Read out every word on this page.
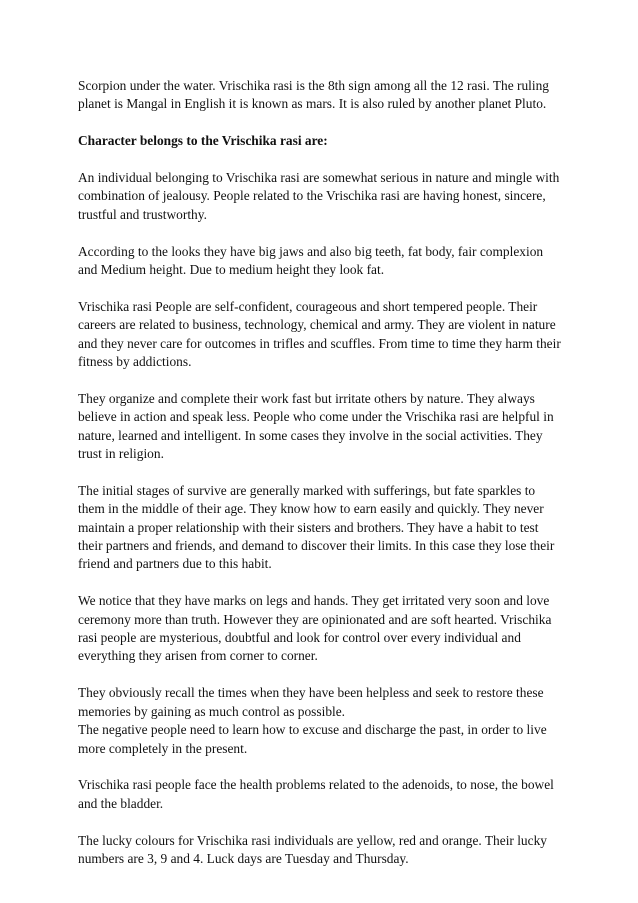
Scorpion under the water. Vrischika rasi is the 8th sign among all the 12 rasi. The ruling planet is Mangal in English it is known as mars. It is also ruled by another planet Pluto.

Character belongs to the Vrischika rasi are:

An individual belonging to Vrischika rasi are somewhat serious in nature and mingle with combination of jealousy. People related to the Vrischika rasi are having honest, sincere, trustful and trustworthy.

According to the looks they have big jaws and also big teeth, fat body, fair complexion and Medium height. Due to medium height they look fat.

Vrischika rasi People are self-confident, courageous and short tempered people. Their careers are related to business, technology, chemical and army. They are violent in nature and they never care for outcomes in trifles and scuffles. From time to time they harm their fitness by addictions.

They organize and complete their work fast but irritate others by nature. They always believe in action and speak less. People who come under the Vrischika rasi are helpful in nature, learned and intelligent. In some cases they involve in the social activities. They trust in religion.

The initial stages of survive are generally marked with sufferings, but fate sparkles to them in the middle of their age. They know how to earn easily and quickly. They never maintain a proper relationship with their sisters and brothers. They have a habit to test their partners and friends, and demand to discover their limits. In this case they lose their friend and partners due to this habit.

We notice that they have marks on legs and hands. They get irritated very soon and love ceremony more than truth. However they are opinionated and are soft hearted. Vrischika rasi people are mysterious, doubtful and look for control over every individual and everything they arisen from corner to corner.

They obviously recall the times when they have been helpless and seek to restore these memories by gaining as much control as possible.

The negative people need to learn how to excuse and discharge the past, in order to live more completely in the present.

Vrischika rasi people face the health problems related to the adenoids, to nose, the bowel and the bladder.

The lucky colours for Vrischika rasi individuals are yellow, red and orange. Their lucky numbers are 3, 9 and 4. Luck days are Tuesday and Thursday.
